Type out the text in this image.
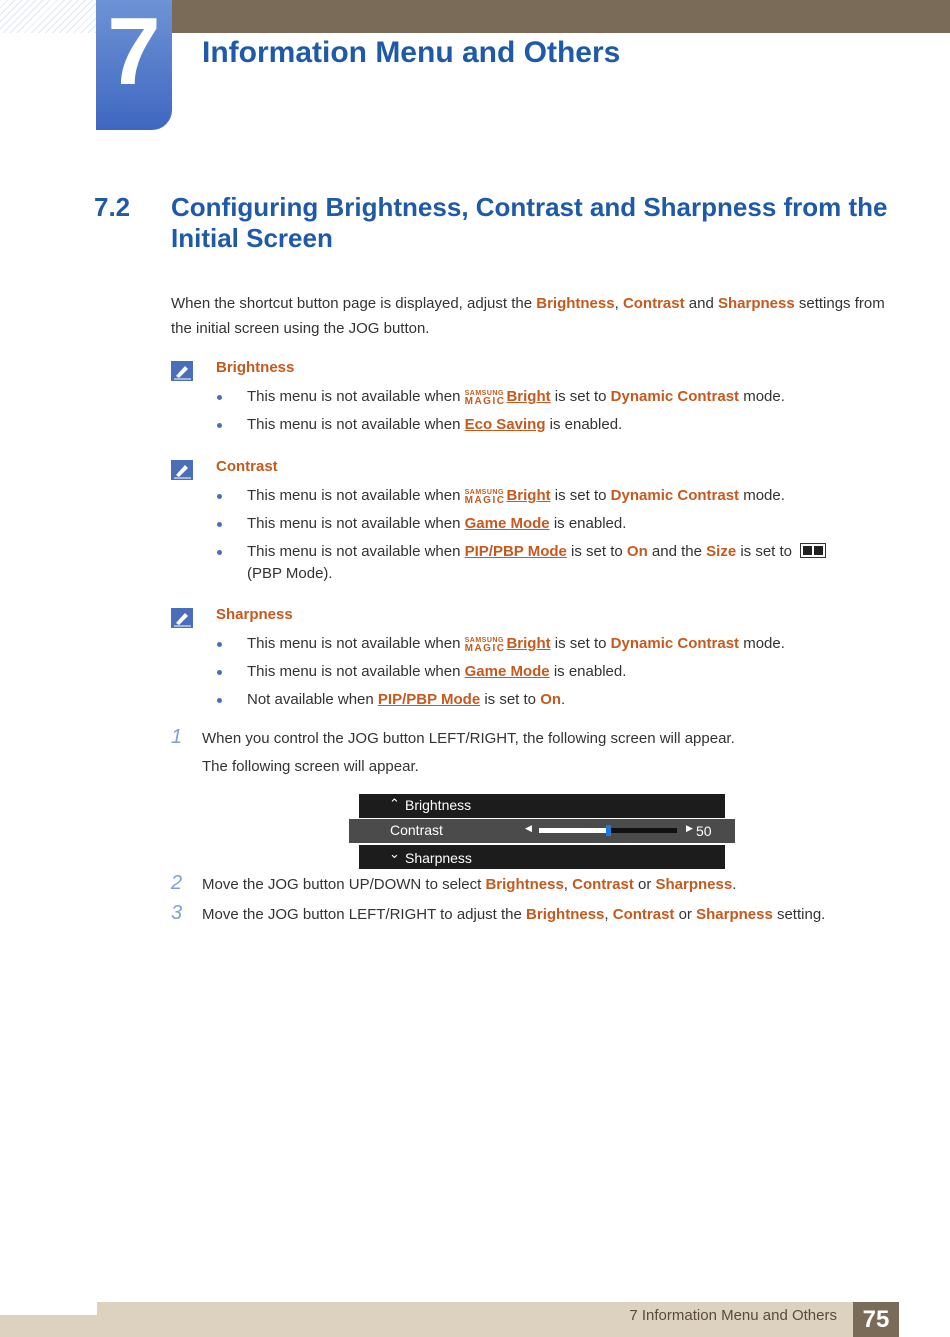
7	Information Menu and Others
7.2 Configuring Brightness, Contrast and Sharpness from the Initial Screen
When the shortcut button page is displayed, adjust the Brightness, Contrast and Sharpness settings from the initial screen using the JOG button.
Brightness
This menu is not available when SAMSUNG
MAGIC Bright is set to Dynamic Contrast mode.
This menu is not available when Eco Saving is enabled.
Contrast
This menu is not available when SAMSUNG
MAGIC Bright is set to Dynamic Contrast mode.
This menu is not available when Game Mode is enabled.
This menu is not available when PIP/PBP Mode is set to On and the Size is set to
(PBP Mode).
Sharpness
This menu is not available when SAMSUNG
MAGIC Bright is set to Dynamic Contrast mode.
This menu is not available when Game Mode is enabled.
Not available when PIP/PBP Mode is set to On.
1 When you control the JOG button LEFT/RIGHT, the following screen will appear.
The following screen will appear.
⌃ Brightness
Contrast	◀	▶ 50
⌄ Sharpness
2 Move the JOG button UP/DOWN to select Brightness, Contrast or Sharpness.
3 Move the JOG button LEFT/RIGHT to adjust the Brightness, Contrast or Sharpness setting.
7 Information Menu and Others	75
